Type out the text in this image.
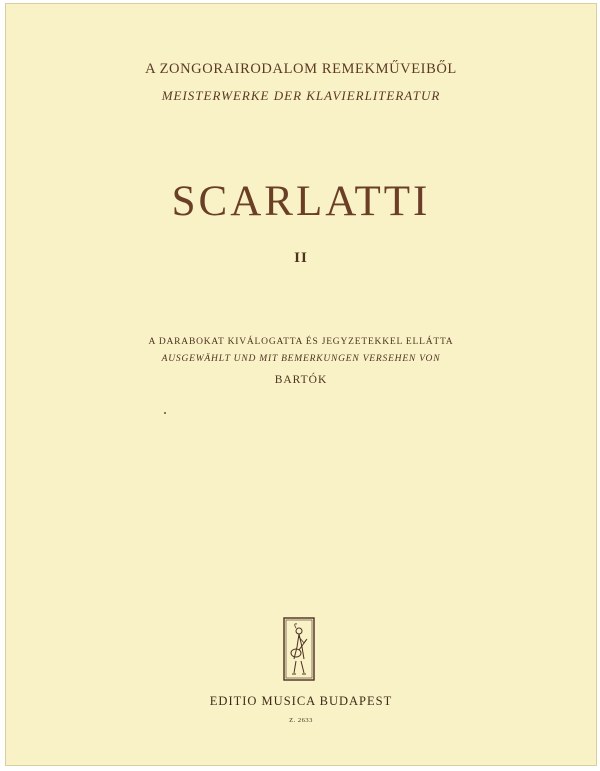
A ZONGORAIRODALOM REMEKMŰVEIBŐL
MEISTERWERKE DER KLAVIERLITERATUR
SCARLATTI
II
A DARABOKAT KIVÁLOGATTA ÉS JEGYZETEKKEL ELLÁTTA
AUSGEWÄHLT UND MIT BEMERKUNGEN VERSEHEN VON
BARTÓK
EDITIO MUSICA BUDAPEST
Z. 2633
